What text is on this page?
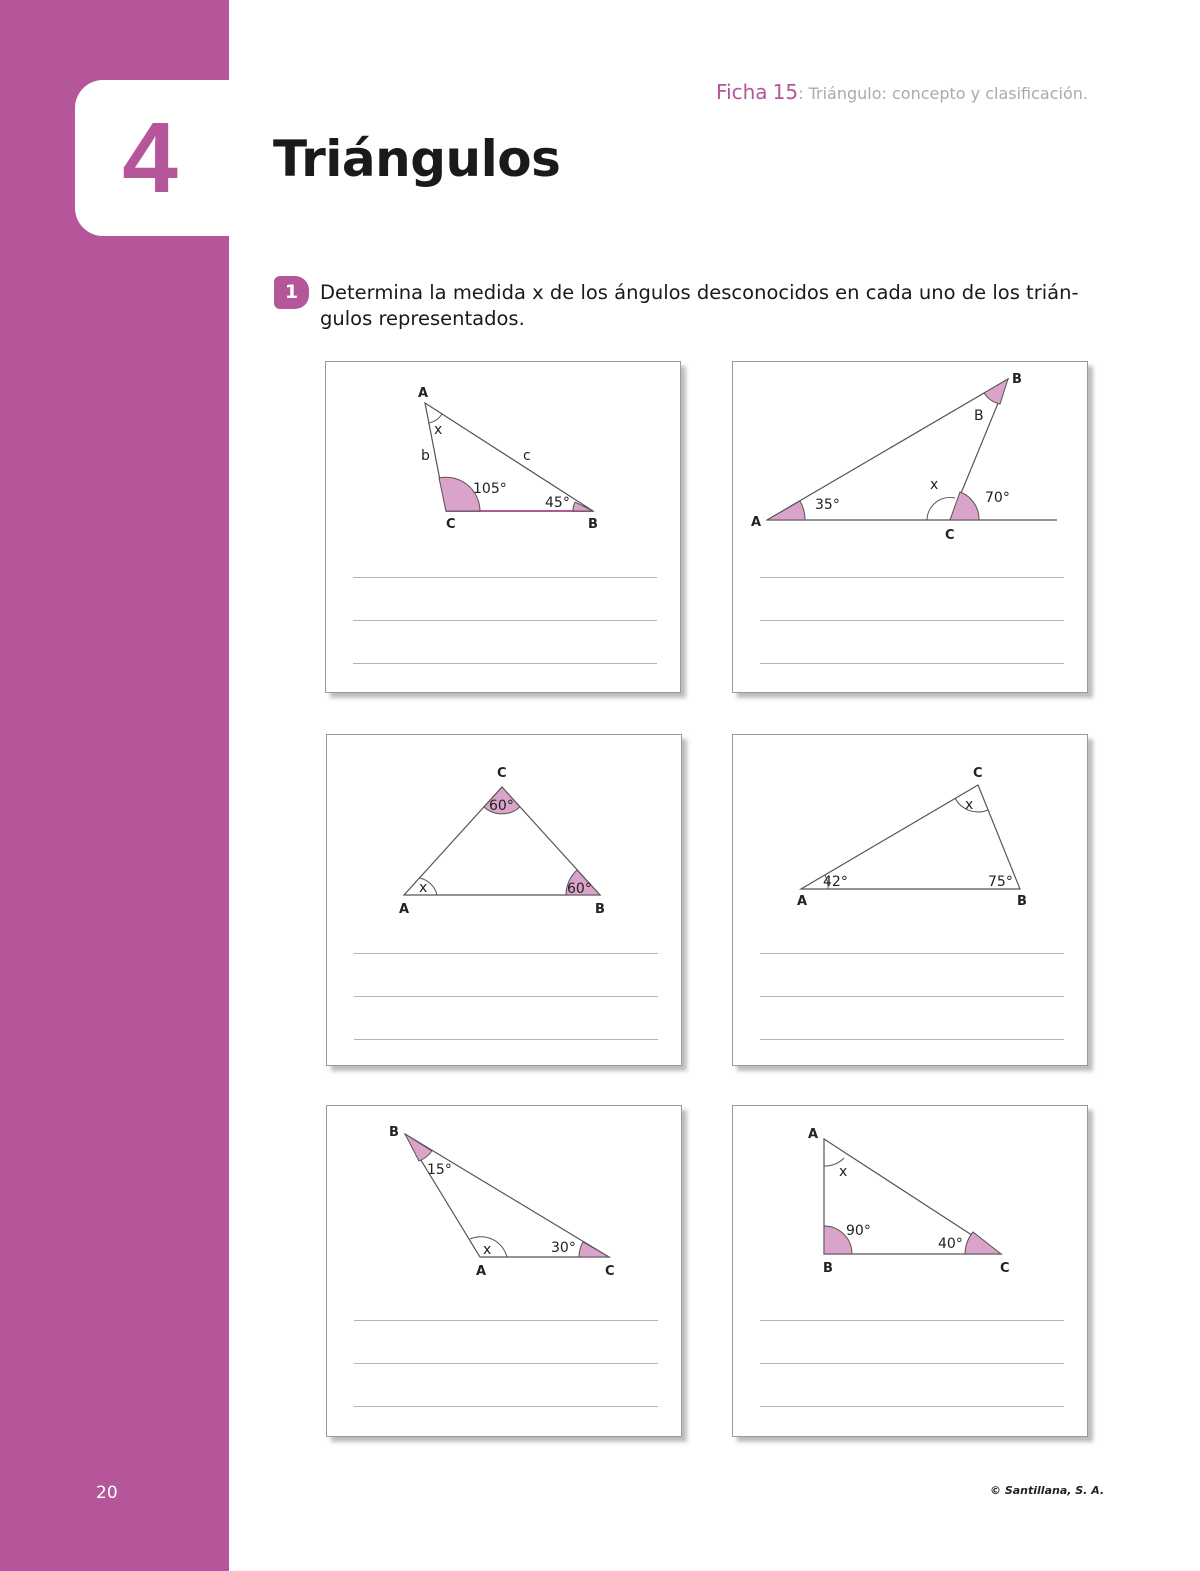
4
20
Ficha 15: Triángulo: concepto y clasificación.
Triángulos
1	Determina la medida x de los ángulos desconocidos en cada uno de los trián-gulos representados.
A
C	B
b	c
x
105°
45°
B
A
C
B
35°
x
70°
C
A	B
60°
x	60°
C
A	B
x
42°	75°
B
A	C
15°
x	30°
A
B	C
x
90°
40°
© Santillana, S. A.
